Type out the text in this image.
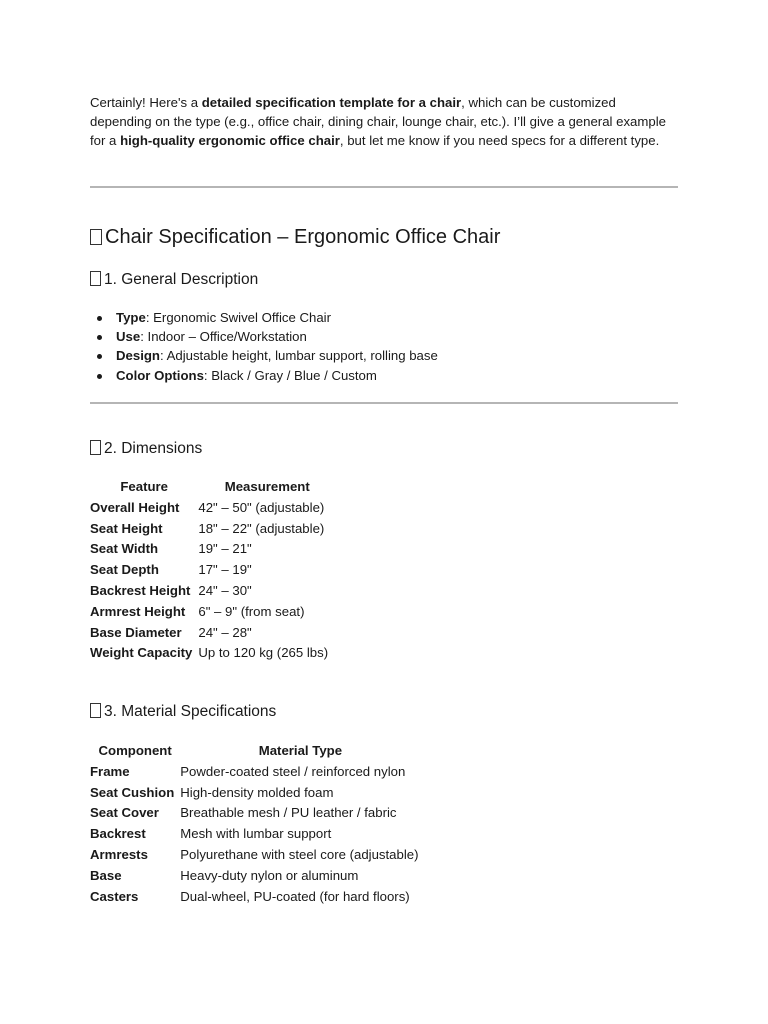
Certainly! Here's a detailed specification template for a chair, which can be customized depending on the type (e.g., office chair, dining chair, lounge chair, etc.). I’ll give a general example for a high-quality ergonomic office chair, but let me know if you need specs for a different type.

Chair Specification – Ergonomic Office Chair
1. General Description
Type: Ergonomic Swivel Office Chair
Use: Indoor – Office/Workstation
Design: Adjustable height, lumbar support, rolling base
Color Options: Black / Gray / Blue / Custom
2. Dimensions
Feature	Measurement
Overall Height	42" – 50" (adjustable)
Seat Height	18" – 22" (adjustable)
Seat Width	19" – 21"
Seat Depth	17" – 19"
Backrest Height	24" – 30"
Armrest Height	6" – 9" (from seat)
Base Diameter	24" – 28"
Weight Capacity	Up to 120 kg (265 lbs)
3. Material Specifications
Component	Material Type
Frame	Powder-coated steel / reinforced nylon
Seat Cushion	High-density molded foam
Seat Cover	Breathable mesh / PU leather / fabric
Backrest	Mesh with lumbar support
Armrests	Polyurethane with steel core (adjustable)
Base	Heavy-duty nylon or aluminum
Casters	Dual-wheel, PU-coated (for hard floors)
